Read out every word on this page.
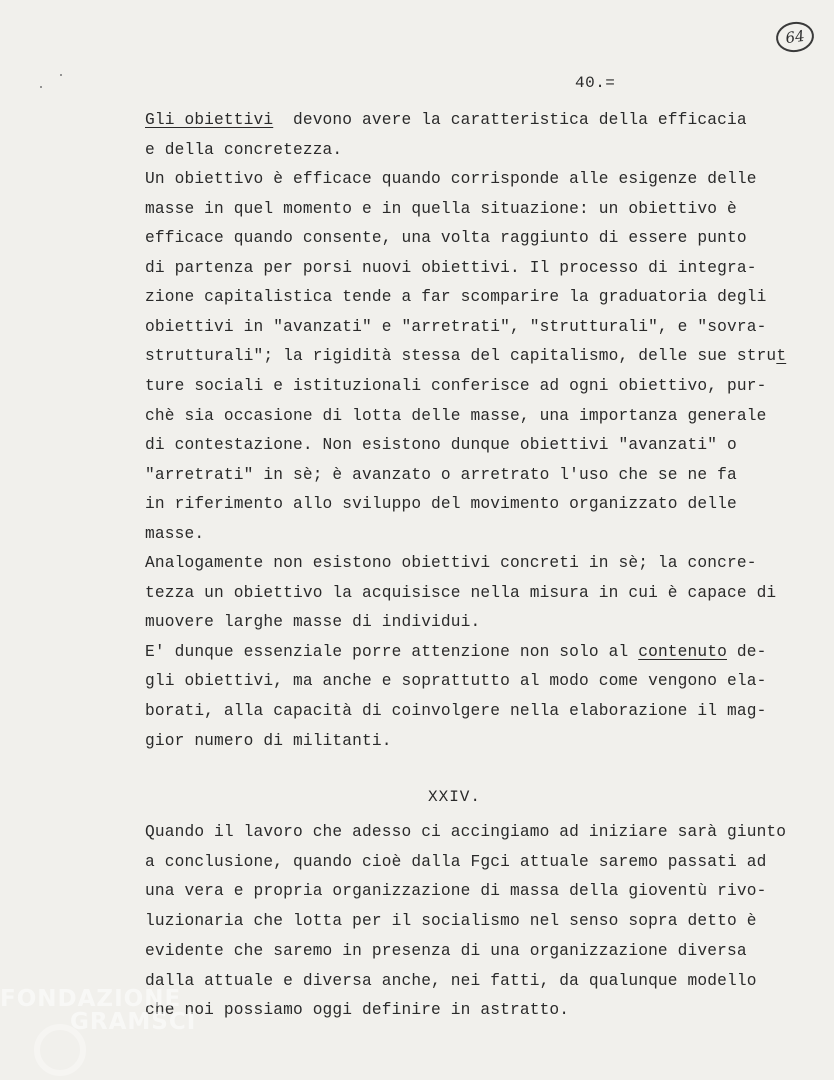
64
40.=
Gli obiettivi  devono avere la caratteristica della efficacia
e della concretezza.
Un obiettivo è efficace quando corrisponde alle esigenze delle
masse in quel momento e in quella situazione: un obiettivo è
efficace quando consente, una volta raggiunto di essere punto
di partenza per porsi nuovi obiettivi. Il processo di integra-
zione capitalistica tende a far scomparire la graduatoria degli
obiettivi in "avanzati" e "arretrati", "strutturali", e "sovra-
strutturali"; la rigidità stessa del capitalismo, delle sue strut
ture sociali e istituzionali conferisce ad ogni obiettivo, pur-
chè sia occasione di lotta delle masse, una importanza generale
di contestazione. Non esistono dunque obiettivi "avanzati" o
"arretrati" in sè; è avanzato o arretrato l'uso che se ne fa
in riferimento allo sviluppo del movimento organizzato delle
masse.
Analogamente non esistono obiettivi concreti in sè; la concre-
tezza un obiettivo la acquisisce nella misura in cui è capace di
muovere larghe masse di individui.
E' dunque essenziale porre attenzione non solo al contenuto de-
gli obiettivi, ma anche e soprattutto al modo come vengono ela-
borati, alla capacità di coinvolgere nella elaborazione il mag-
gior numero di militanti.
XXIV.
Quando il lavoro che adesso ci accingiamo ad iniziare sarà giunto
a conclusione, quando cioè dalla Fgci attuale saremo passati ad
una vera e propria organizzazione di massa della gioventù rivo-
luzionaria che lotta per il socialismo nel senso sopra detto è
evidente che saremo in presenza di una organizzazione diversa
dalla attuale e diversa anche, nei fatti, da qualunque modello
che noi possiamo oggi definire in astratto.
FONDAZIONE
GRAMSCI
